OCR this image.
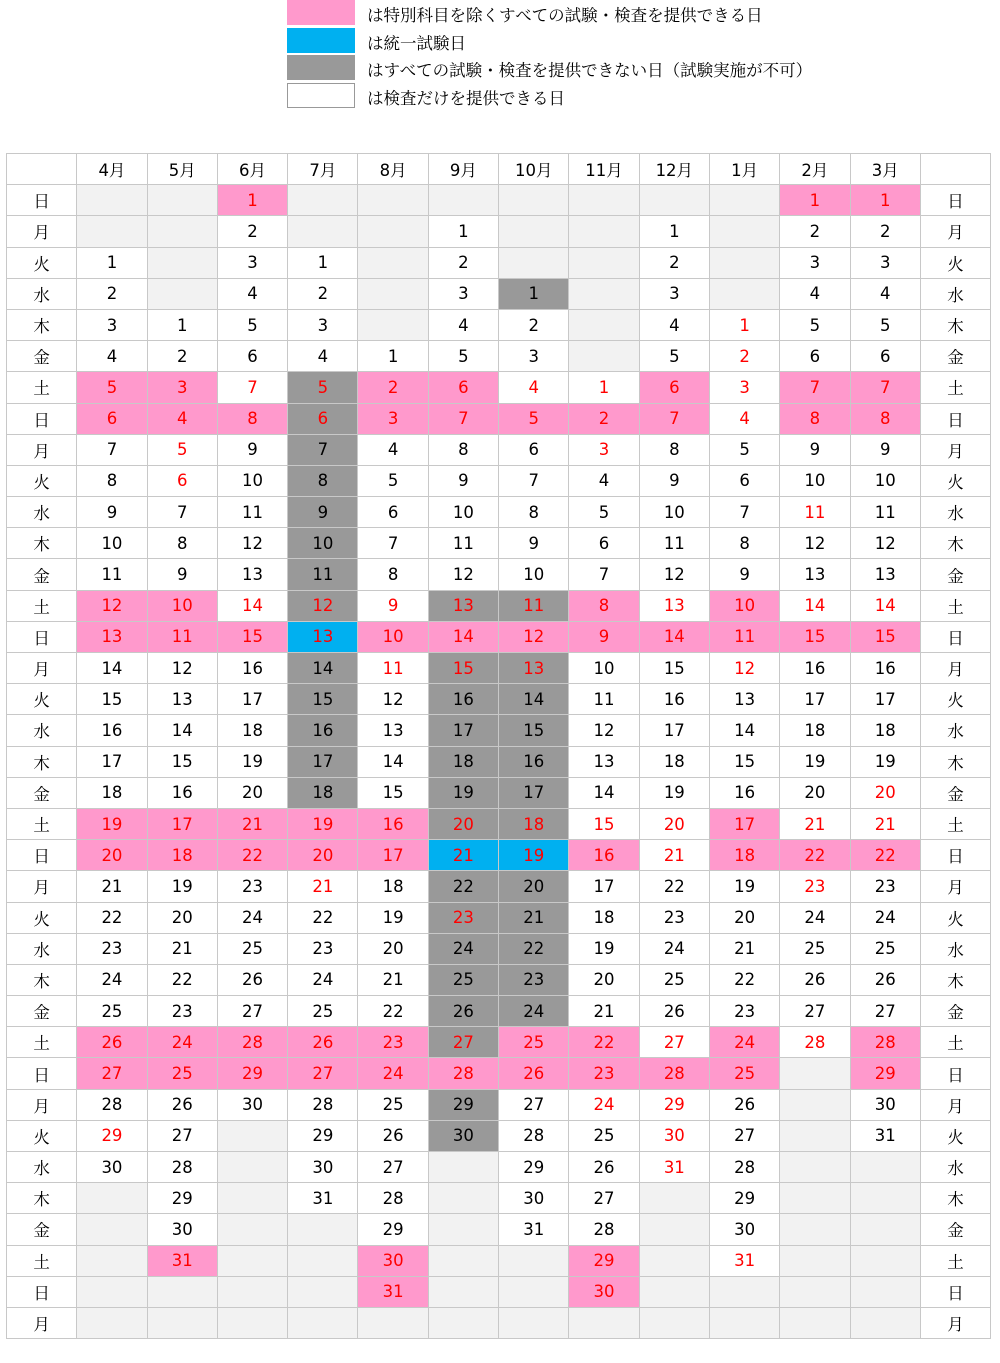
は特別科目を除くすべての試験・検査を提供できる日
は統一試験日
はすべての試験・検査を提供できない日（試験実施が不可）
は検査だけを提供できる日
	4月	5月	6月	7月	8月	9月	10月	11月	12月	1月	2月	3月	
日			1								1	1	日
月			2			1			1		2	2	月
火	1		3	1		2			2		3	3	火
水	2		4	2		3	1		3		4	4	水
木	3	1	5	3		4	2		4	1	5	5	木
金	4	2	6	4	1	5	3		5	2	6	6	金
土	5	3	7	5	2	6	4	1	6	3	7	7	土
日	6	4	8	6	3	7	5	2	7	4	8	8	日
月	7	5	9	7	4	8	6	3	8	5	9	9	月
火	8	6	10	8	5	9	7	4	9	6	10	10	火
水	9	7	11	9	6	10	8	5	10	7	11	11	水
木	10	8	12	10	7	11	9	6	11	8	12	12	木
金	11	9	13	11	8	12	10	7	12	9	13	13	金
土	12	10	14	12	9	13	11	8	13	10	14	14	土
日	13	11	15	13	10	14	12	9	14	11	15	15	日
月	14	12	16	14	11	15	13	10	15	12	16	16	月
火	15	13	17	15	12	16	14	11	16	13	17	17	火
水	16	14	18	16	13	17	15	12	17	14	18	18	水
木	17	15	19	17	14	18	16	13	18	15	19	19	木
金	18	16	20	18	15	19	17	14	19	16	20	20	金
土	19	17	21	19	16	20	18	15	20	17	21	21	土
日	20	18	22	20	17	21	19	16	21	18	22	22	日
月	21	19	23	21	18	22	20	17	22	19	23	23	月
火	22	20	24	22	19	23	21	18	23	20	24	24	火
水	23	21	25	23	20	24	22	19	24	21	25	25	水
木	24	22	26	24	21	25	23	20	25	22	26	26	木
金	25	23	27	25	22	26	24	21	26	23	27	27	金
土	26	24	28	26	23	27	25	22	27	24	28	28	土
日	27	25	29	27	24	28	26	23	28	25		29	日
月	28	26	30	28	25	29	27	24	29	26		30	月
火	29	27		29	26	30	28	25	30	27		31	火
水	30	28		30	27		29	26	31	28			水
木		29		31	28		30	27		29			木
金		30			29		31	28		30			金
土		31			30			29		31			土
日					31			30					日
月													月
